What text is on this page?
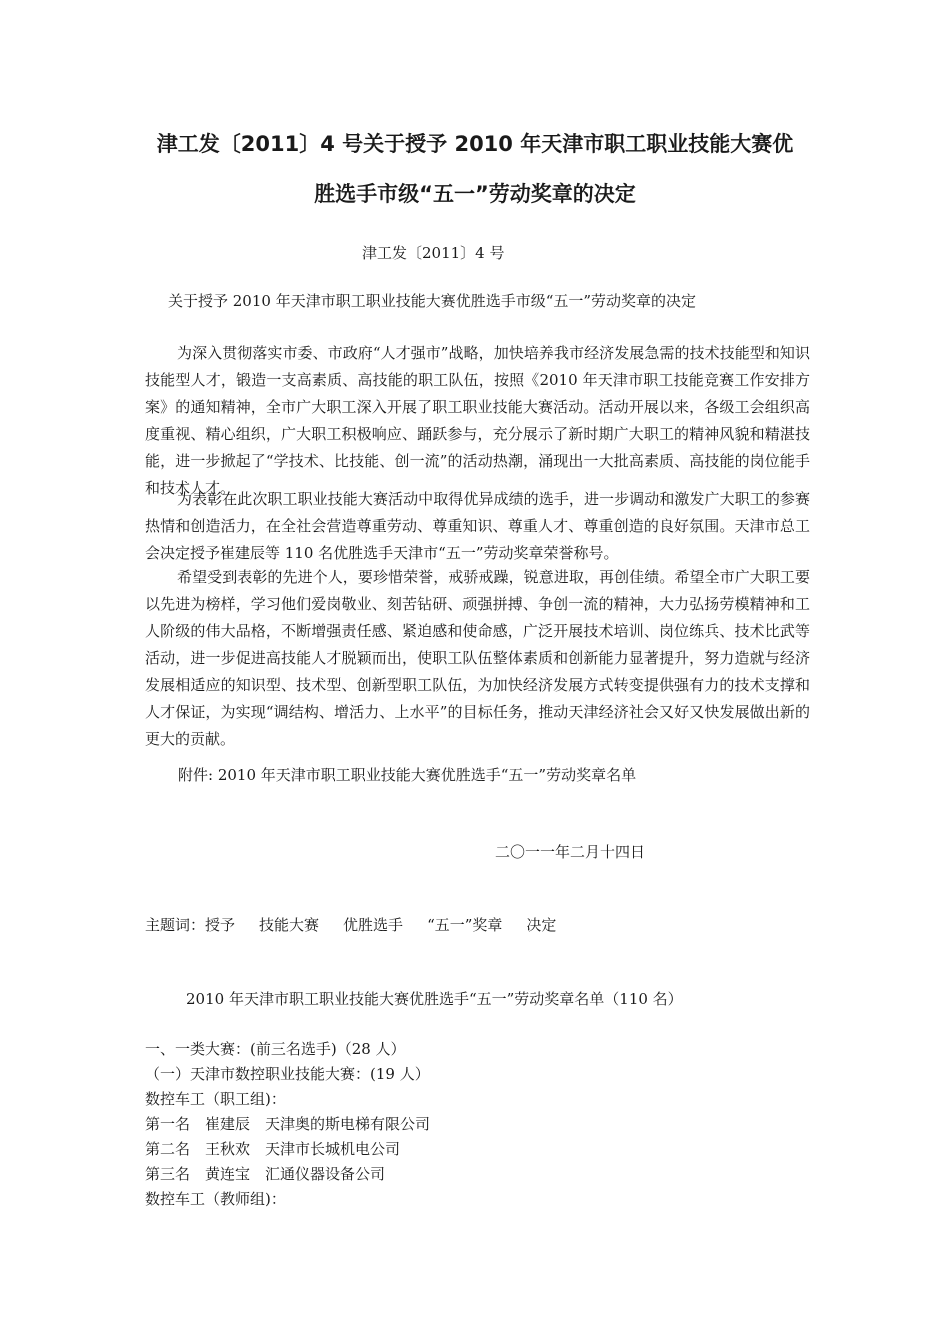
津工发〔2011〕4 号关于授予 2010 年天津市职工职业技能大赛优
胜选手市级“五一”劳动奖章的决定

津工发〔2011〕4 号

关于授予 2010 年天津市职工职业技能大赛优胜选手市级“五一”劳动奖章的决定

为深入贯彻落实市委、市政府“人才强市”战略，加快培养我市经济发展急需的技术技能型和知识技能型人才，锻造一支高素质、高技能的职工队伍，按照《2010 年天津市职工技能竞赛工作安排方案》的通知精神，全市广大职工深入开展了职工职业技能大赛活动。活动开展以来，各级工会组织高度重视、精心组织，广大职工积极响应、踊跃参与，充分展示了新时期广大职工的精神风貌和精湛技能，进一步掀起了“学技术、比技能、创一流”的活动热潮，涌现出一大批高素质、高技能的岗位能手和技术人才。

为表彰在此次职工职业技能大赛活动中取得优异成绩的选手，进一步调动和激发广大职工的参赛热情和创造活力，在全社会营造尊重劳动、尊重知识、尊重人才、尊重创造的良好氛围。天津市总工会决定授予崔建辰等 110 名优胜选手天津市“五一”劳动奖章荣誉称号。

希望受到表彰的先进个人，要珍惜荣誉，戒骄戒躁，锐意进取，再创佳绩。希望全市广大职工要以先进为榜样，学习他们爱岗敬业、刻苦钻研、顽强拼搏、争创一流的精神，大力弘扬劳模精神和工人阶级的伟大品格，不断增强责任感、紧迫感和使命感，广泛开展技术培训、岗位练兵、技术比武等活动，进一步促进高技能人才脱颖而出，使职工队伍整体素质和创新能力显著提升，努力造就与经济发展相适应的知识型、技术型、创新型职工队伍，为加快经济发展方式转变提供强有力的技术支撑和人才保证，为实现“调结构、增活力、上水平”的目标任务，推动天津经济社会又好又快发展做出新的更大的贡献。

附件: 2010 年天津市职工职业技能大赛优胜选手“五一”劳动奖章名单

二〇一一年二月十四日

主题词：授予 技能大赛 优胜选手 “五一”奖章 决定

2010 年天津市职工职业技能大赛优胜选手“五一”劳动奖章名单（110 名）

一、一类大赛：(前三名选手)（28 人）

（一）天津市数控职业技能大赛：(19 人）

数控车工（职工组)：

第一名　崔建辰　天津奥的斯电梯有限公司

第二名　王秋欢　天津市长城机电公司

第三名　黄连宝　汇通仪器设备公司

数控车工（教师组)：
